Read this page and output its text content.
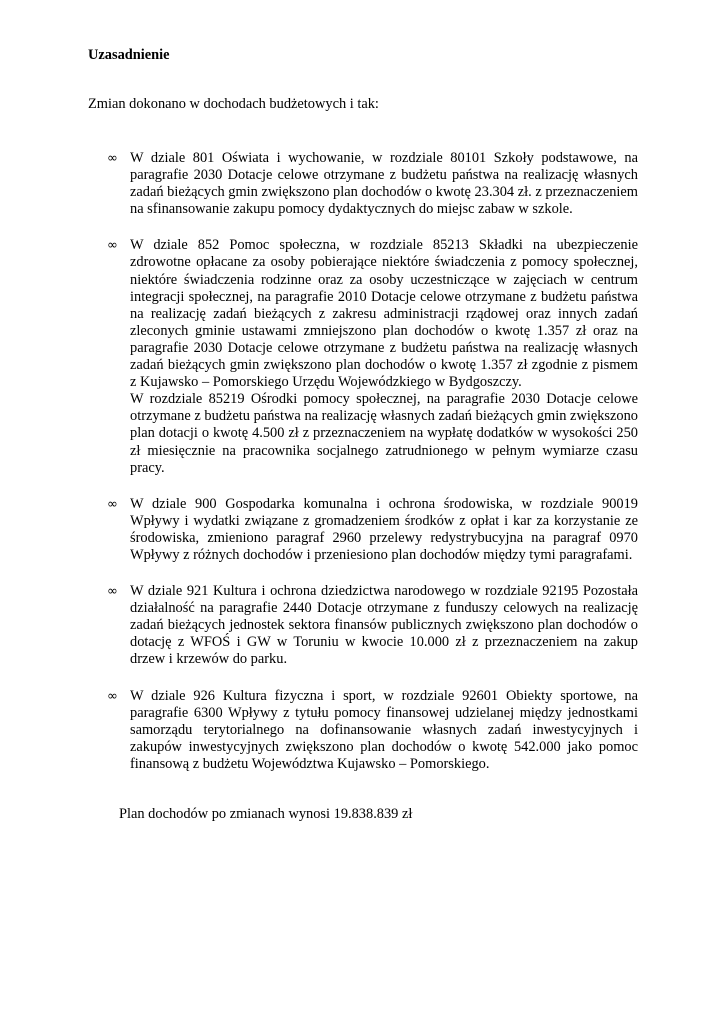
Uzasadnienie

Zmian dokonano w dochodach budżetowych i tak:

∞ W dziale 801 Oświata i wychowanie, w rozdziale 80101 Szkoły podstawowe, na paragrafie 2030 Dotacje celowe otrzymane z budżetu państwa na realizację własnych zadań bieżących gmin zwiększono plan dochodów o kwotę 23.304 zł. z przeznaczeniem na sfinansowanie zakupu pomocy dydaktycznych do miejsc zabaw w szkole.

∞ W dziale 852 Pomoc społeczna, w rozdziale 85213 Składki na ubezpieczenie zdrowotne opłacane za osoby pobierające niektóre świadczenia z pomocy społecznej, niektóre świadczenia rodzinne oraz za osoby uczestniczące w zajęciach w centrum integracji społecznej, na paragrafie 2010 Dotacje celowe otrzymane z budżetu państwa na realizację zadań bieżących z zakresu administracji rządowej oraz innych zadań zleconych gminie ustawami zmniejszono plan dochodów o kwotę 1.357 zł oraz na paragrafie 2030 Dotacje celowe otrzymane z budżetu państwa na realizację własnych zadań bieżących gmin zwiększono plan dochodów o kwotę 1.357 zł zgodnie z pismem z Kujawsko – Pomorskiego Urzędu Wojewódzkiego w Bydgoszczy.

W rozdziale 85219 Ośrodki pomocy społecznej, na paragrafie 2030 Dotacje celowe otrzymane z budżetu państwa na realizację własnych zadań bieżących gmin zwiększono plan dotacji o kwotę 4.500 zł z przeznaczeniem na wypłatę dodatków w wysokości 250 zł miesięcznie na pracownika socjalnego zatrudnionego w pełnym wymiarze czasu pracy.

∞ W dziale 900 Gospodarka komunalna i ochrona środowiska, w rozdziale 90019 Wpływy i wydatki związane z gromadzeniem środków z opłat i kar za korzystanie ze środowiska, zmieniono paragraf 2960 przelewy redystrybucyjna na paragraf 0970 Wpływy z różnych dochodów i przeniesiono plan dochodów między tymi paragrafami.

∞ W dziale 921 Kultura i ochrona dziedzictwa narodowego w rozdziale 92195 Pozostała działalność na paragrafie 2440 Dotacje otrzymane z funduszy celowych na realizację zadań bieżących jednostek sektora finansów publicznych zwiększono plan dochodów o dotację z WFOŚ i GW w Toruniu w kwocie 10.000 zł z przeznaczeniem na zakup drzew i krzewów do parku.

∞ W dziale 926 Kultura fizyczna i sport, w rozdziale 92601 Obiekty sportowe, na paragrafie 6300 Wpływy z tytułu pomocy finansowej udzielanej między jednostkami samorządu terytorialnego na dofinansowanie własnych zadań inwestycyjnych i zakupów inwestycyjnych zwiększono plan dochodów o kwotę 542.000 jako pomoc finansową z budżetu Województwa Kujawsko – Pomorskiego.

Plan dochodów po zmianach wynosi 19.838.839 zł
